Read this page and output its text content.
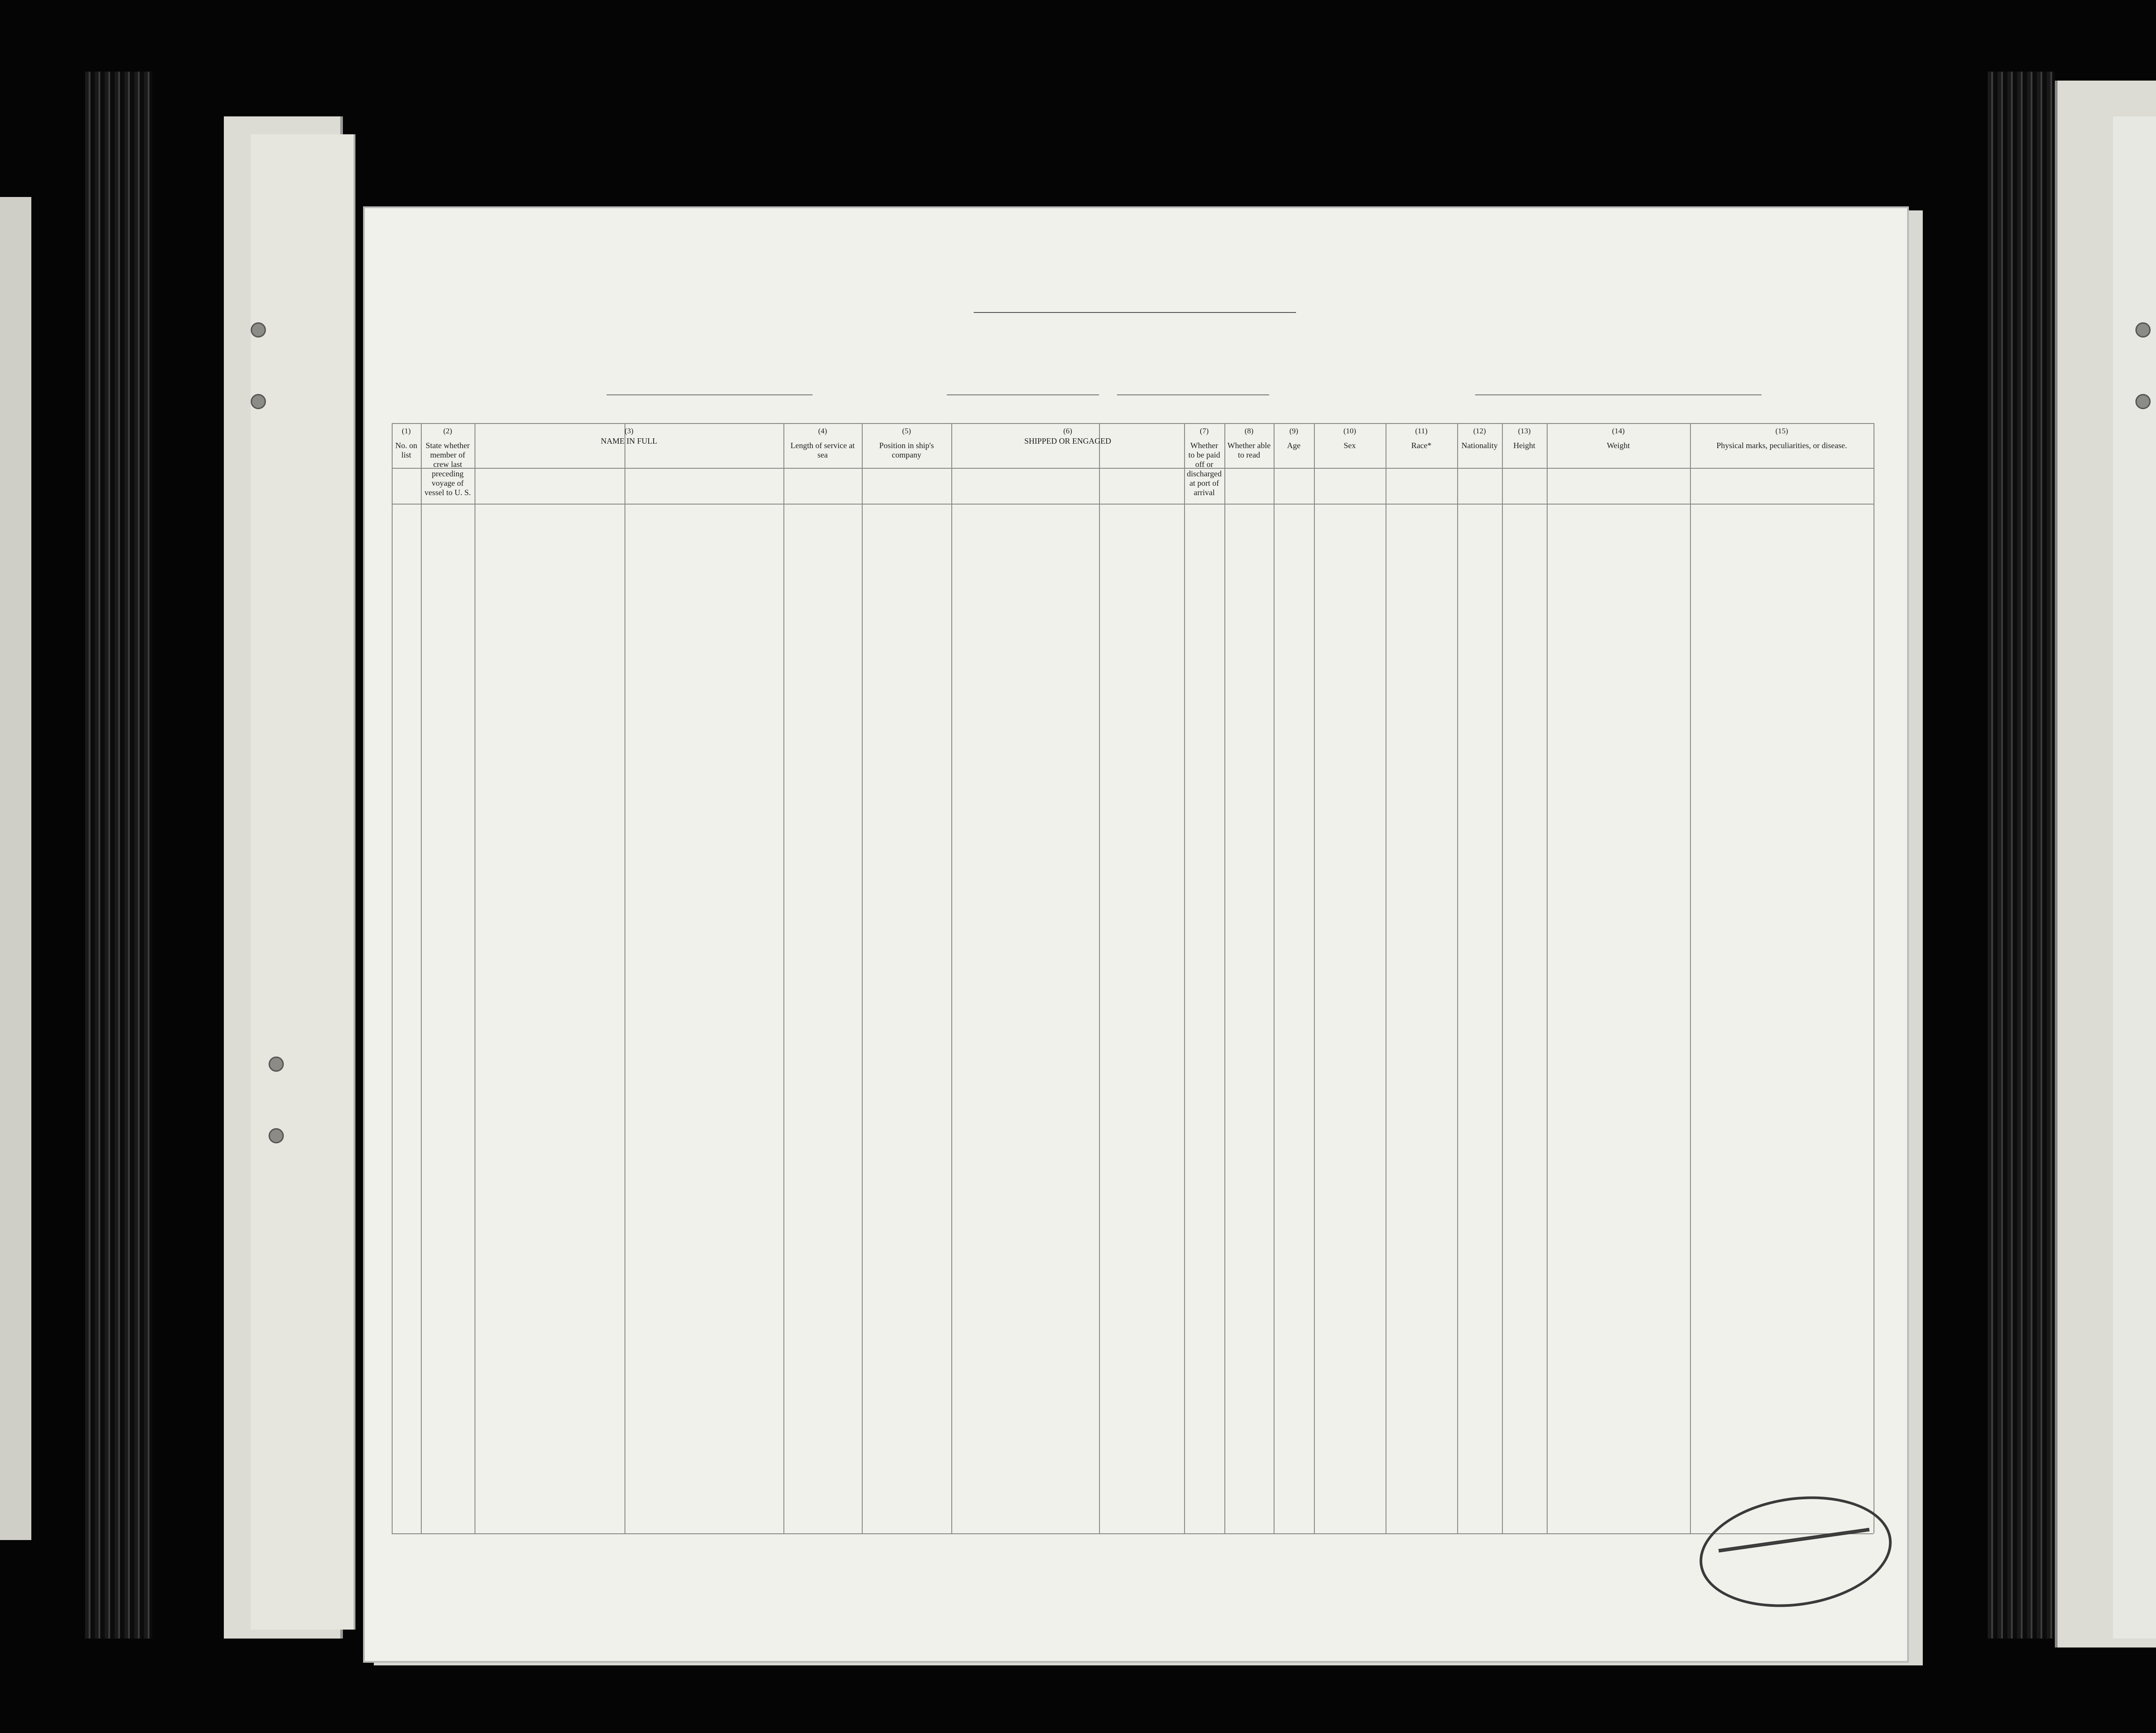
(1)
No. on list
(2)
State whether member of crew last preceding voyage of vessel to U. S.
(3)
NAME IN FULL
(4)
Length of service at sea
(5)
Position in ship's company
(6)
SHIPPED OR ENGAGED
(7)
Whether to be paid off or discharged at port of arrival
(8)
Whether able to read
(9)
Age
(10)
Sex
(11)
Race*
(12)
Nationality
(13)
Height
(14)
Weight
(15)
Physical marks, peculiarities, or disease.
